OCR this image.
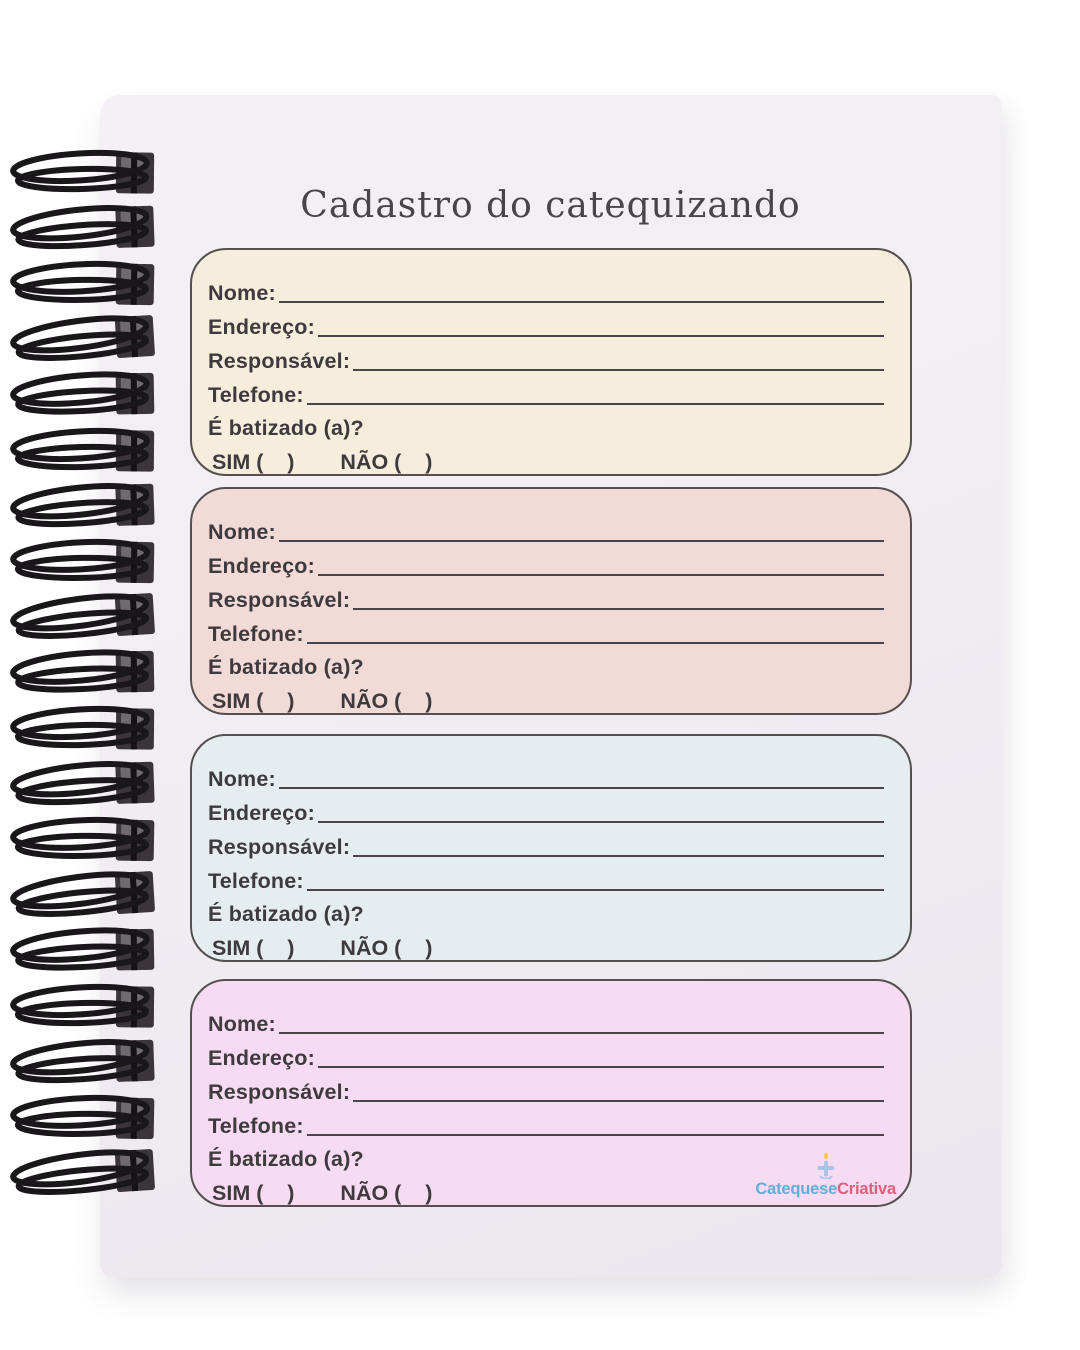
Cadastro do catequizando
Nome:
Endereço:
Responsável:
Telefone:
É batizado (a)?
SIM (    ) NÃO (    )
Nome:
Endereço:
Responsável:
Telefone:
É batizado (a)?
SIM (    ) NÃO (    )
Nome:
Endereço:
Responsável:
Telefone:
É batizado (a)?
SIM (    ) NÃO (    )
Nome:
Endereço:
Responsável:
Telefone:
É batizado (a)?
SIM (    ) NÃO (    )	CatequeseCriativa
